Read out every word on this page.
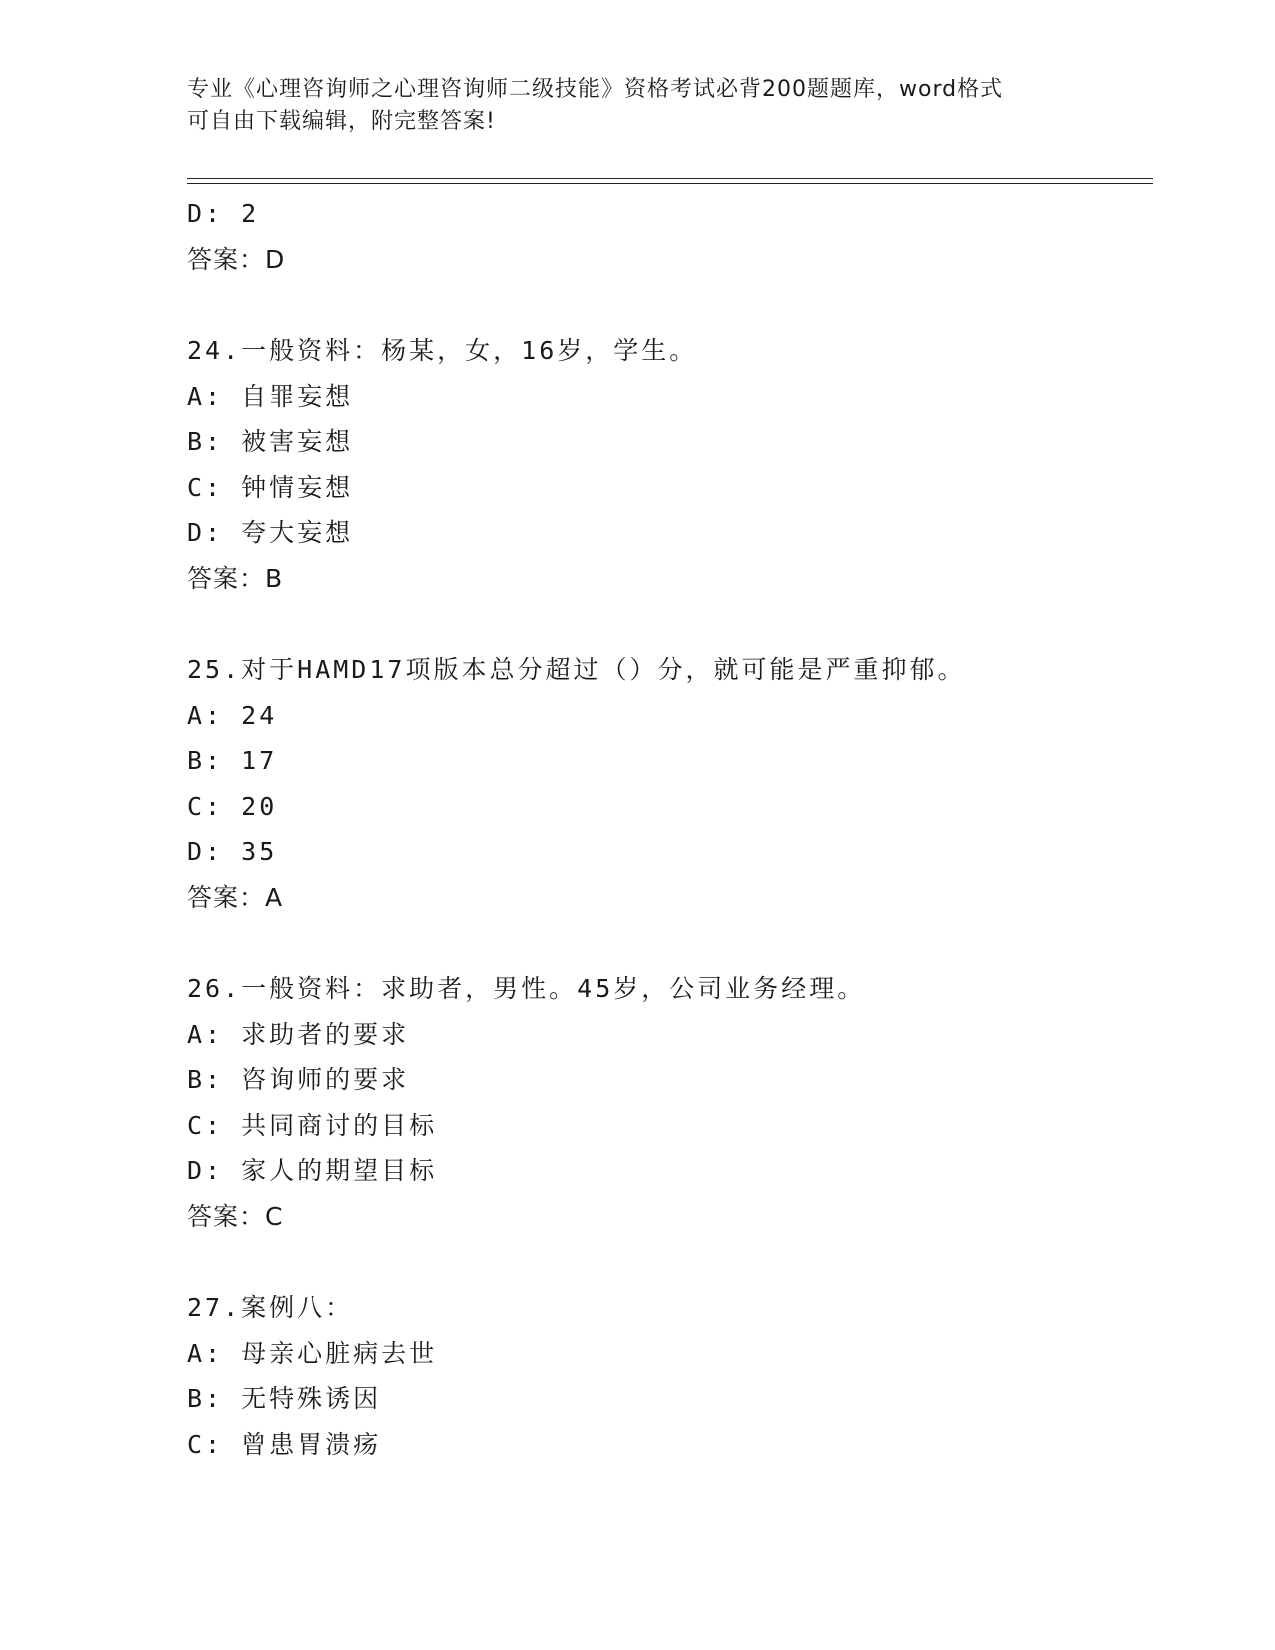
专业《心理咨询师之心理咨询师二级技能》资格考试必背200题题库，word格式
可自由下载编辑，附完整答案!
D: 2
答案：D
24.一般资料：杨某，女，16岁，学生。
A: 自罪妄想
B: 被害妄想
C: 钟情妄想
D: 夸大妄想
答案：B
25.对于HAMD17项版本总分超过（）分，就可能是严重抑郁。
A: 24
B: 17
C: 20
D: 35
答案：A
26.一般资料：求助者，男性。45岁，公司业务经理。
A: 求助者的要求
B: 咨询师的要求
C: 共同商讨的目标
D: 家人的期望目标
答案：C
27.案例八：
A: 母亲心脏病去世
B: 无特殊诱因
C: 曾患胃溃疡
